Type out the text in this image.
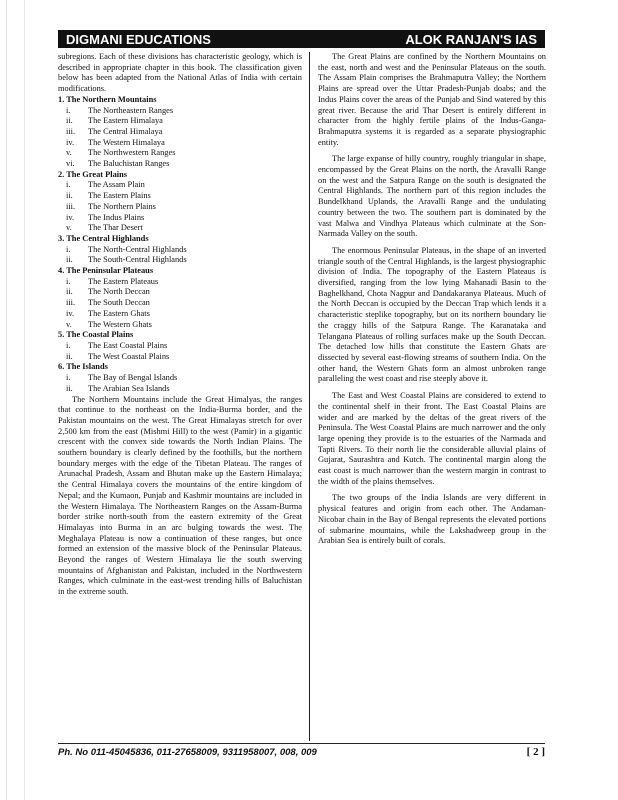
DIGMANI EDUCATIONS	ALOK RANJAN'S IAS

subregions. Each of these divisions has characteristic geology, which is described in appropriate chapter in this book. The classification given below has been adapted from the National Atlas of India with certain modifications.

1. The Northern Mountains
i.	The Northeastern Ranges
ii.	The Eastern Himalaya
iii.	The Central Himalaya
iv.	The Western Himalaya
v.	The Northwestern Ranges
vi.	The Baluchistan Ranges
2. The Great Plains
i.	The Assam Plain
ii.	The Eastern Plains
iii.	The Northern Plains
iv.	The Indus Plains
v.	The Thar Desert
3. The Central Highlands
i.	The North-Central Highlands
ii.	The South-Central Highlands
4. The Peninsular Plateaus
i.	The Eastern Plateaus
ii.	The North Deccan
iii.	The South Deccan
iv.	The Eastern Ghats
v.	The Western Ghats
5. The Coastal Plains
i.	The East Coastal Plains
ii.	The West Coastal Plains
6. The Islands
i.	The Bay of Bengal Islands
ii.	The Arabian Sea Islands

The Northern Mountains include the Great Himalyas, the ranges that continue to the northeast on the India-Burma border, and the Pakistan mountains on the west. The Great Himalayas stretch for over 2,500 km from the east (Mishmi Hill) to the west (Pamir) in a gigantic crescent with the convex side towards the North Indian Plains. The southern boundary is clearly defined by the foothills, but the northern boundary merges with the edge of the Tibetan Plateau. The ranges of Arunachal Pradesh, Assam and Bhutan make up the Eastern Himalaya; the Central Himalaya covers the mountains of the entire kingdom of Nepal; and the Kumaon, Punjab and Kashmir mountains are included in the Western Himalaya. The Northeastern Ranges on the Assam-Burma border strike north-south from the eastern extremity of the Great Himalayas into Burma in an arc bulging towards the west. The Meghalaya Plateau is now a continuation of these ranges, but once formed an extension of the massive block of the Peninsular Plateaus. Beyond the ranges of Western Himalaya lie the south swerving mountains of Afghanistan and Pakistan, included in the Northwestern Ranges, which culminate in the east-west trending hills of Baluchistan in the extreme south.

The Great Plains are confined by the Northern Mountains on the east, north and west and the Peninsular Plateaus on the south. The Assam Plain comprises the Brahmaputra Valley; the Northern Plains are spread over the Uttar Pradesh-Punjab doabs; and the Indus Plains cover the areas of the Punjab and Sind watered by this great river. Because the arid Thar Desert is entirely different in character from the highly fertile plains of the Indus-Ganga-Brahmaputra systems it is regarded as a separate physiographic entity.

The large expanse of hilly country, roughly triangular in shape, encompassed by the Great Plains on the north, the Aravalli Range on the west and the Satpura Range on the south is designated the Central Highlands. The northern part of this region includes the Bundelkhand Uplands, the Aravalli Range and the undulating country between the two. The southern part is dominated by the vast Malwa and Vindhya Plateaus which culminate at the Son-Narmada Valley on the south.

The enormous Peninsular Plateaus, in the shape of an inverted triangle south of the Central Highlands, is the largest physiographic division of India. The topography of the Eastern Plateaus is diversified, ranging from the low lying Mahanadi Basin to the Baghelkhand, Chota Nagpur and Dandakaranya Plateaus. Much of the North Deccan is occupied by the Deccan Trap which lends it a characteristic steplike topography, but on its northern boundary lie the craggy hills of the Satpura Range. The Karanataka and Telangana Plateaus of rolling surfaces make up the South Deccan. The detached low hills that constitute the Eastern Ghats are dissected by several east-flowing streams of southern India. On the other hand, the Western Ghats form an almost unbroken range paralleling the west coast and rise steeply above it.

The East and West Coastal Plains are considered to extend to the continental shelf in their front. The East Coastal Plains are wider and are marked by the deltas of the great rivers of the Peninsula. The West Coastal Plains are much narrower and the only large opening they provide is to the estuaries of the Narmada and Tapti Rivers. To their north lie the considerable alluvial plains of Gujarat, Saurashtra and Kutch. The continental margin along the east coast is much narrower than the western margin in contrast to the width of the plains themselves.

The two groups of the India Islands are very different in physical features and origin from each other. The Andaman-Nicobar chain in the Bay of Bengal represents the elevated portions of submarine mountains, while the Lakshadweep group in the Arabian Sea is entirely built of corals.

Ph. No 011-45045836, 011-27658009, 9311958007, 008, 009	[ 2 ]
